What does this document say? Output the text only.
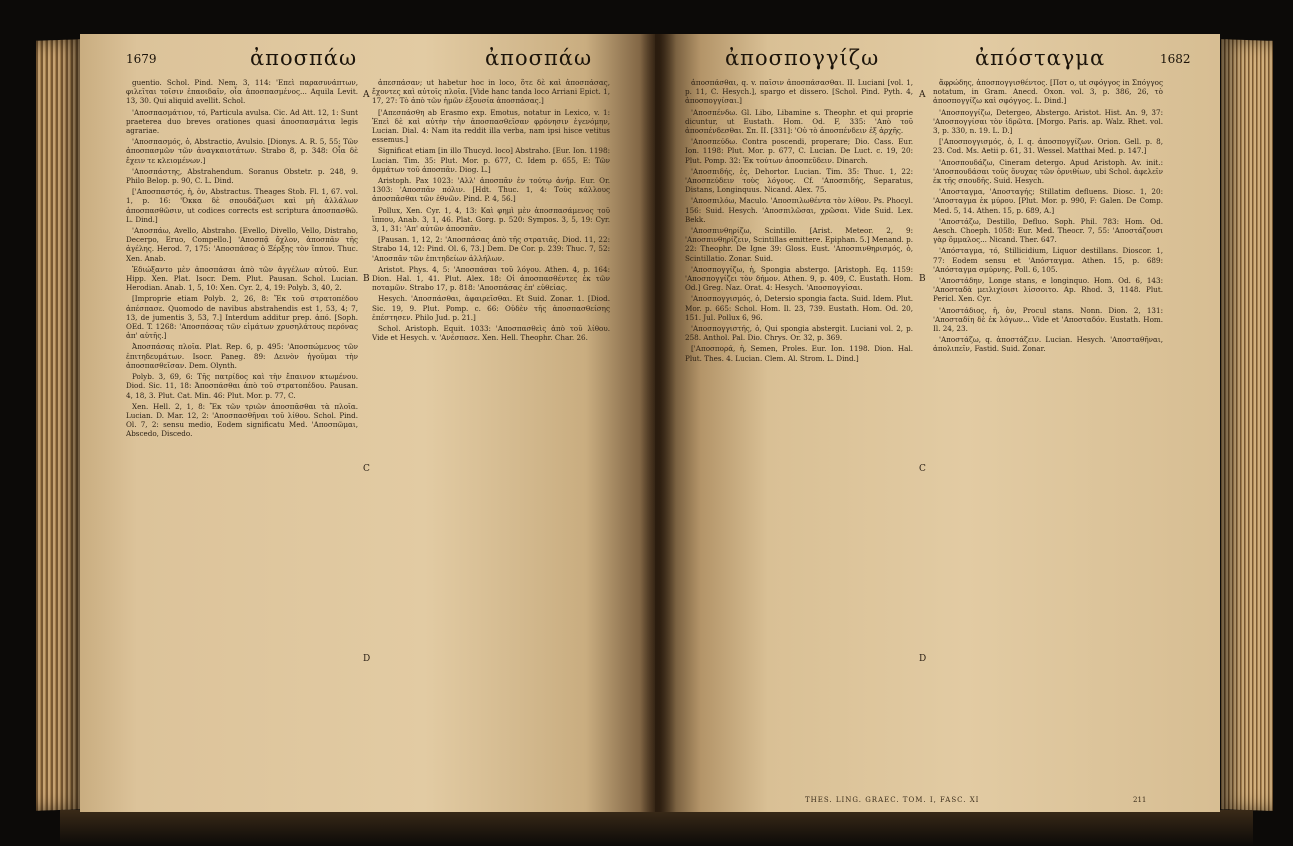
1679	ἀποσπάω	ἀποσπάω

guentio. Schol. Pind. Nem. 3, 114: 'Επεὶ παρασυνάπτων, φιλεῖται τοῖσιν ἐπαοιδαῖν, οἷα ἀποσπασμένος... Aquila Levit. 13, 30. Qui aliquid avellit. Schol.

'Αποσπασμάτιον, τό, Particula avulsa. Cic. Ad Att. 12, 1: Sunt praeterea duo breves orationes quasi ἀποσπασμάτια legis agrariae.

'Αποσπασμός, ὁ, Abstractio, Avulsio. [Dionys. A. R. 5, 55: Τῶν ἀποσπασμῶν τῶν ἀναγκαιοτάτων. Strabo 8, p. 348: Οἷα δὲ ἔχειν τε κλειομένων.]

'Αποσπάστης, Abstrahendum. Soranus Obstetr. p. 248, 9. Philo Belop. p. 90, C. L. Dind.

['Αποσπαστός, ἡ, ὁν, Abstractus. Theages Stob. Fl. 1, 67. vol. 1, p. 16: 'Όκκα δὲ σπουδάζωσι καὶ μὴ ἀλλάλων ἀποσπασθῶσιν, ut codices corrects est scriptura ἀποσπασθῶ. L. Dind.]

'Αποσπάω, Avello, Abstraho. [Evello, Divello, Vello, Distraho, Decerpo, Eruo, Compello.] 'Αποσπᾷ ὄχλον, ἀποσπᾶν τῆς ἀγέλης. Herod. 7, 175: 'Αποσπάσας ὁ Ξέρξης τὸν ἵππον. Thuc. Xen. Anab.

Ἐδιώξαντο μὲν ἀποσπάσαι ἀπὸ τῶν ἀγγέλων αὐτοῦ. Eur. Hipp. Xen. Plat. Isocr. Dem. Plut. Pausan. Schol. Lucian. Herodian. Anab. 1, 5, 10: Xen. Cyr. 2, 4, 19: Polyb. 3, 40, 2.

[Improprie etiam Polyb. 2, 26, 8: Ἔκ τοῦ στρατοπέδου ἀπέσπασε. Quomodo de navibus abstrahendis est 1, 53, 4; 7, 13, de jumentis 3, 53, 7.] Interdum additur prep. ἀπό. [Soph. OEd. T. 1268: 'Αποσπάσας τῶν εἱμάτων χρυσηλάτους περόνας ἀπ' αὐτῆς.]

Ἀποσπάσας πλοῖα. Plat. Rep. 6, p. 495: 'Αποσπώμενος τῶν ἐπιτηδευμάτων. Isocr. Paneg. 89: Δεινὸν ἡγοῦμαι τὴν ἀποσπασθεῖσαν. Dem. Olynth.

Polyb. 3, 69, 6: Τῆς πατρίδος καὶ τὴν ἔπαινον κτωμένου. Diod. Sic. 11, 18: Ἀποσπάσθαι ἀπὸ τοῦ στρατοπέδου. Pausan. 4, 18, 3. Plut. Cat. Min. 46: Plut. Mor. p. 77, C.

Xen. Hell. 2, 1, 8: Ἔκ τῶν τριῶν ἀποσπᾶσθαι τὰ πλοῖα. Lucian. D. Mar. 12, 2: 'Αποσπασθῆναι τοῦ λίθου. Schol. Pind. Ol. 7, 2: sensu medio, Eodem significatu Med. 'Αποσπῶμαι, Abscedo, Discedo.

A
B
C
D

ἀπεσπάσαν; ut habetur hoc in loco, ὅτε δὲ καὶ ἀποσπάσας, ἔχοντες καὶ αὐτοῖς πλοῖα. [Vide hanc tanda loco Arriani Epict. 1, 17, 27: Τὸ ἀπὸ τῶν ἡμῶν ἐξουσία ἀποσπάσας.]

['Απεσπάσθη ab Erasmo exp. Emotus, notatur in Lexico, v. 1: Ἐπεὶ δὲ καὶ αὐτὴν τὴν ἀποσπασθεῖσαν φρόνησιν ἐγενόμην, Lucian. Dial. 4: Nam ita reddit illa verba, nam ipsi hisce vetitus essemus.]

Significat etiam [in illo Thucyd. loco] Abstraho. [Eur. Ion. 1198: Lucian. Tim. 35: Plut. Mor. p. 677, C. Idem p. 655, E: Τῶν ὀμμάτων τοῦ ἀποσπᾶν. Diog. L.]

Aristoph. Pax 1023: 'Αλλ' ἀποσπᾶν ἐν τούτῳ ἀνήρ. Eur. Or. 1303: 'Αποσπᾶν πόλιν. [Hdt. Thuc. 1, 4: Τοὺς κάλλους ἀποσπᾶσθαι τῶν ἐθνῶν. Pind. P. 4, 56.]

Pollux, Xen. Cyr. 1, 4, 13: Καὶ φημὶ μὲν ἀποσπασάμενος τοῦ ἵππου, Anab. 3, 1, 46. Plat. Gorg. p. 520: Sympos. 3, 5, 19: Cyr. 3, 1, 31: 'Απ' αὐτῶν ἀποσπᾶν.

[Pausan. 1, 12, 2: 'Αποσπάσας ἀπὸ τῆς στρατιᾶς. Diod. 11, 22: Strabo 14, 12: Pind. Ol. 6, 73.] Dem. De Cor. p. 239: Thuc. 7, 52: 'Αποσπᾶν τῶν ἐπιτηδείων ἀλλήλων.

Aristot. Phys. 4, 5: 'Αποσπάσαι τοῦ λόγου. Athen. 4, p. 164: Dion. Hal. 1, 41. Plut. Alex. 18: Οἱ ἀποσπασθέντες ἐκ τῶν ποταμῶν. Strabo 17, p. 818: 'Αποσπάσας ἐπ' εὐθείας.

Hesych. 'Αποσπάσθαι, ἀφαιρεῖσθαι. Et Suid. Zonar. 1. [Diod. Sic. 19, 9. Plut. Pomp. c. 66: Οὐδὲν τῆς ἀποσπασθείσης ἐπέστησεν. Philo Jud. p. 21.]

Schol. Aristoph. Equit. 1033: 'Αποσπασθεὶς ἀπὸ τοῦ λίθου. Vide et Hesych. v. 'Ανέσπασε. Xen. Hell. Theophr. Char. 26.

ἀποσπογγίζω	ἀπόσταγμα	1682

ἀποσπάσθαι, q. v. παῖσιν ἀποσπάσασθαι. II. Luciani [vol. 1, p. 11, C. Hesych.], spargo et dissero. [Schol. Pind. Pyth. 4, ἀποσπογγίσαι.]

'Αποσπένδω. Gl. Libo, Libamine s. Theophr. et qui proprie dicuntur, ut Eustath. Hom. Od. F, 335: 'Απὸ τοῦ ἀποσπένδεσθαι. Σπ. II. [331]: 'Οὐ τὸ ἀποσπένδειν ἐξ ἀρχῆς.

'Αποσπεύδω. Contra poscendi, properare; Dio. Cass. Eur. Ion. 1198: Plut. Mor. p. 677, C. Lucian. De Luct. c. 19, 20: Plut. Pomp. 32: Ἐκ τούτων ἀποσπεῦδειν. Dinarch.

'Αποσπιδής, ἐς, Dehortor. Lucian. Tim. 35: Thuc. 1, 22: 'Αποσπεύδειν τοὺς λόγους. Cf. 'Αποσπιδής, Separatus, Distans, Longinquus. Nicand. Alex. 75.

'Αποσπιλόω, Maculo. 'Αποσπιλωθέντα τὸν λίθον. Ps. Phocyl. 156: Suid. Hesych. 'Αποσπιλῶσαι, χρῶσαι. Vide Suid. Lex. Bekk.

'Αποσπινθηρίζω, Scintillo. [Arist. Meteor. 2, 9: 'Αποσπινθηρίζειν, Scintillas emittere. Epiphan. 5.] Menand. p. 22: Theophr. De Igne 39: Gloss. Eust. 'Αποσπινθηρισμός, ὁ, Scintillatio. Zonar. Suid.

'Αποσπογγίζω, ἡ, Spongia abstergo. [Aristoph. Eq. 1159: 'Αποσπογγίζει τὸν δήμον. Athen. 9, p. 409, C. Eustath. Hom. Od.] Greg. Naz. Orat. 4: Hesych. 'Αποσπογγίσαι.

'Αποσπογγισμός, ὁ, Detersio spongia facta. Suid. Idem. Plut. Mor. p. 665: Schol. Hom. Il. 23, 739. Eustath. Hom. Od. 20, 151. Jul. Pollux 6, 96.

'Αποσπογγιστής, ὁ, Qui spongia abstergit. Luciani vol. 2, p. 258. Anthol. Pal. Dio. Chrys. Or. 32, p. 369.

['Αποσπορά, ἡ, Semen, Proles. Eur. Ion. 1198. Dion. Hal. Plut. Thes. 4. Lucian. Clem. Al. Strom. L. Dind.]

A
B
C
D

ἄφρώδης, ἀποσπογγισθέντος. [Ποτ ο, ut σφόγγος in Σπόγγος notatum, in Gram. Anecd. Oxon. vol. 3, p. 386, 26, τὸ ἀποσπογγίζω καὶ σφόγγος. L. Dind.]

'Αποσπογγίζω, Detergeo, Abstergo. Aristot. Hist. An. 9, 37: 'Αποσπογγίσαι τὸν ἱδρῶτα. [Morgo. Paris. ap. Walz. Rhet. vol. 3, p. 330, n. 19. L. D.]

['Αποσπογγισμός, ὁ, I. q. ἀποσπογγίζων. Orion. Gell. p. 8, 23. Cod. Ms. Aetii p. 61, 31. Wessel. Matthai Med. p. 147.]

'Αποσπουδάζω, Cineram detergo. Apud Aristoph. Av. init.: 'Αποσπουδάσαι τοῦς ὄνυχας τῶν ὀρνιθίων, ubi Schol. ἀφελεῖν ἐκ τῆς σπουδῆς. Suid. Hesych.

'Αποσταγμα, 'Αποσταγής; Stillatim defluens. Diosc. 1, 20: 'Αποσταγμα ἐκ μύρου. [Plut. Mor. p. 990, F: Galen. De Comp. Med. 5, 14. Athen. 15, p. 689, A.]

'Αποστάζω, Destillo, Defluo. Soph. Phil. 783: Hom. Od. Aesch. Choeph. 1058: Eur. Med. Theocr. 7, 55: 'Αποστάζουσι γὰρ ὅμμαλος... Nicand. Ther. 647.

'Απόσταγμα, τό, Stillicidium, Liquor destillans. Dioscor. 1, 77: Eodem sensu et 'Απόσταγμα. Athen. 15, p. 689: 'Απόσταγμα σμύρνης. Poll. 6, 105.

'Αποστάδην, Longe stans, e longinquo. Hom. Od. 6, 143: 'Αποσταδὰ μειλιχίοισι λίσσοιτο. Ap. Rhod. 3, 1148. Plut. Pericl. Xen. Cyr.

'Αποστάδιος, ἡ, ὁν, Procul stans. Nonn. Dion. 2, 131: 'Αποσταδίη δὲ ἐκ λόγων... Vide et 'Αποσταδόν. Eustath. Hom. Il. 24, 23.

'Αποστάζω, q. ἀποστάζειν. Lucian. Hesych. 'Αποσταθῆναι, ἀπολιπεῖν, Fastid. Suid. Zonar.

THES. LING. GRAEC. TOM. I, FASC. XI	211
